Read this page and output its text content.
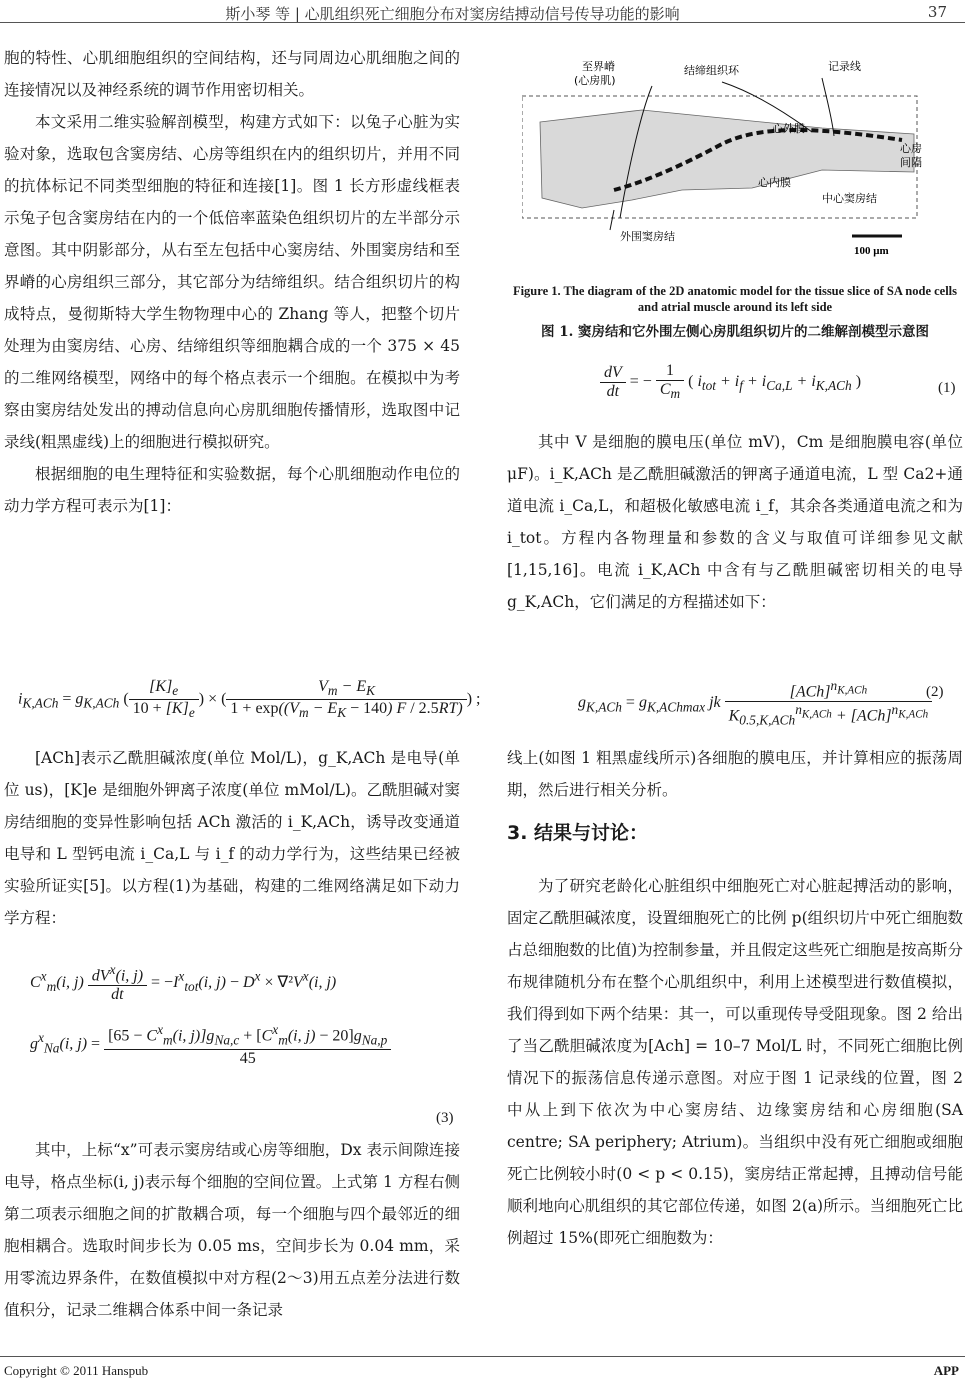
斯小琴 等 | 心肌组织死亡细胞分布对窦房结搏动信号传导功能的影响	37

胞的特性、心肌细胞组织的空间结构，还与同周边心肌细胞之间的连接情况以及神经系统的调节作用密切相关。

本文采用二维实验解剖模型，构建方式如下：以兔子心脏为实验对象，选取包含窦房结、心房等组织在内的组织切片，并用不同的抗体标记不同类型细胞的特征和连接[1]。图 1 长方形虚线框表示兔子包含窦房结在内的一个低倍率蓝染色组织切片的左半部分示意图。其中阴影部分，从右至左包括中心窦房结、外围窦房结和至界嵴的心房组织三部分，其它部分为结缔组织。结合组织切片的构成特点，曼彻斯特大学生物物理中心的 Zhang 等人，把整个切片处理为由窦房结、心房、结缔组织等细胞耦合成的一个 375 × 45 的二维网络模型，网络中的每个格点表示一个细胞。在模拟中为考察由窦房结处发出的搏动信息向心房肌细胞传播情形，选取图中记录线(粗黑虚线)上的细胞进行模拟研究。

根据细胞的电生理特征和实验数据，每个心肌细胞动作电位的动力学方程可表示为[1]：

至界嵴
(心房肌)
结缔组织环	记录线
心外膜
心房
间隔
心内膜
中心窦房结
外围窦房结
100 μm
Figure 1. The diagram of the 2D anatomic model for the tissue slice of SA node cells and atrial muscle around its left side
图 1. 窦房结和它外围左侧心房肌组织切片的二维解剖模型示意图
$\frac{dV}{dt}$ = − $\frac{1}{C_m}$ ( $i_{tot} + i_f + i_{Ca,L} + i_{K,ACh}$ )	(1)

其中 V 是细胞的膜电压(单位 mV)，Cm 是细胞膜电容(单位 μF)。i_K,ACh 是乙酰胆碱激活的钾离子通道电流，L 型 Ca2+通道电流 i_Ca,L，和超极化敏感电流 i_f，其余各类通道电流之和为 i_tot。方程内各物理量和参数的含义与取值可详细参见文献[1,15,16]。电流 i_K,ACh 中含有与乙酰胆碱密切相关的电导 g_K,ACh，它们满足的方程描述如下：

$i_{K,ACh} = g_{K,ACh}$ ( $\frac{[K]_e}{10 + [K]_e}$ ) × ( $\frac{V_m - E_K}{1 + \exp((V_m - E_K - 140) F / 2.5RT)}$ ) ;	$g_{K,ACh} = g_{K,AChmax}$ jk $\frac{[ACh]^{n_{K,ACh}}}{K_{0.5,K,ACh}^{n_{K,ACh}} + [ACh]^{n_{K,ACh}}}$
(2)

[ACh]表示乙酰胆碱浓度(单位 Mol/L)，g_K,ACh 是电导(单位 us)，[K]e 是细胞外钾离子浓度(单位 mMol/L)。乙酰胆碱对窦房结细胞的变异性影响包括 ACh 激活的 i_K,ACh，诱导改变通道电导和 L 型钙电流 i_Ca,L 与 i_f 的动力学行为，这些结果已经被实验所证实[5]。以方程(1)为基础，构建的二维网络满足如下动力学方程：

$C^x_m(i$, $j) \frac{dV^x(i, j)}{dt} = -I^x_{tot}(i$, $j) - D^x \times \nabla^2V^x(i$, j)
$g^x_{Na}(i$, $j) = \frac{[65 - C^x_m(i, j)]g_{Na,c} + [C^x_m(i, j) - 20]g_{Na,p}}{45}$
(3)

其中，上标“x”可表示窦房结或心房等细胞，Dx 表示间隙连接电导，格点坐标(i, j)表示每个细胞的空间位置。上式第 1 方程右侧第二项表示细胞之间的扩散耦合项，每一个细胞与四个最邻近的细胞相耦合。选取时间步长为 0.05 ms，空间步长为 0.04 mm，采用零流边界条件，在数值模拟中对方程(2～3)用五点差分法进行数值积分，记录二维耦合体系中间一条记录

线上(如图 1 粗黑虚线所示)各细胞的膜电压，并计算相应的振荡周期，然后进行相关分析。

3. 结果与讨论：

为了研究老龄化心脏组织中细胞死亡对心脏起搏活动的影响，固定乙酰胆碱浓度，设置细胞死亡的比例 p(组织切片中死亡细胞数占总细胞数的比值)为控制参量，并且假定这些死亡细胞是按高斯分布规律随机分布在整个心肌组织中，利用上述模型进行数值模拟，我们得到如下两个结果：其一，可以重现传导受阻现象。图 2 给出了当乙酰胆碱浓度为[Ach] = 10–7 Mol/L 时，不同死亡细胞比例情况下的振荡信息传递示意图。对应于图 1 记录线的位置，图 2 中从上到下依次为中心窦房结、边缘窦房结和心房细胞(SA centre; SA periphery; Atrium)。当组织中没有死亡细胞或细胞死亡比例较小时(0 < p < 0.15)，窦房结正常起搏，且搏动信号能顺利地向心肌组织的其它部位传递，如图 2(a)所示。当细胞死亡比例超过 15%(即死亡细胞数为：

Copyright © 2011 Hanspub	APP
